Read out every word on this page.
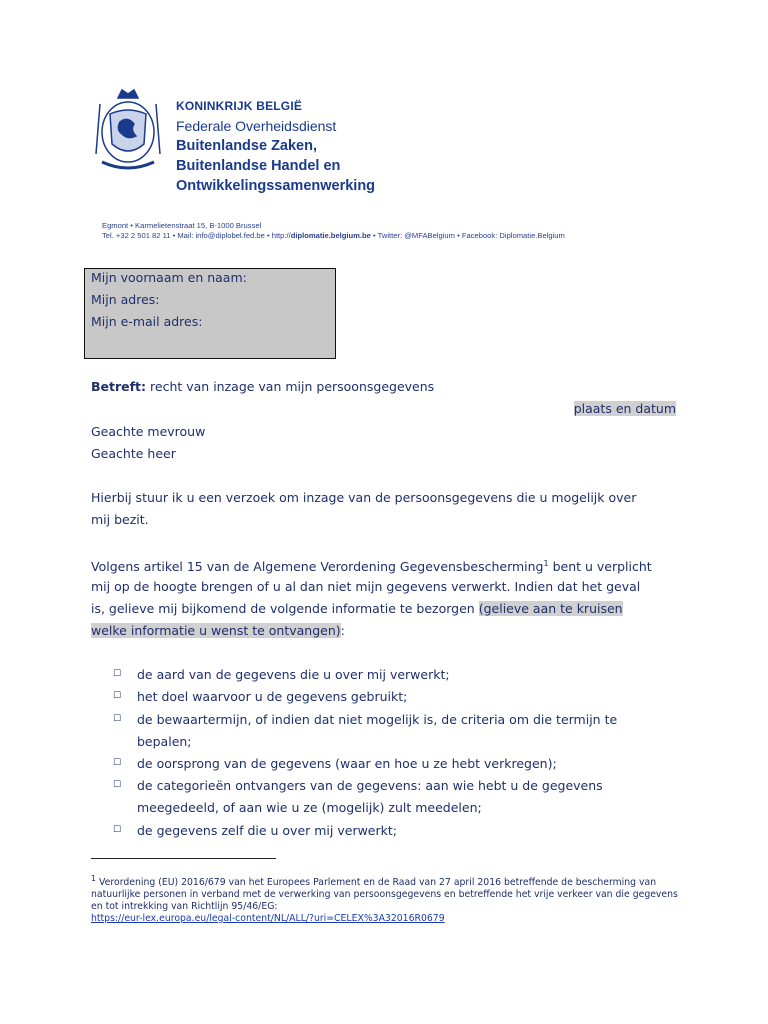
KONINKRIJK BELGIË
Federale Overheidsdienst
Buitenlandse Zaken,
Buitenlandse Handel en
Ontwikkelingssamenwerking
Egmont • Karmelietenstraat 15, B-1000 Brussel
Tel. +32 2 501 82 11 • Mail: info@diplobel.fed.be • http://diplomatie.belgium.be • Twitter: @MFABelgium • Facebook: Diplomatie.Belgium
Mijn voornaam en naam:
Mijn adres:
Mijn e-mail adres:
Betreft: recht van inzage van mijn persoonsgegevens
plaats en datum
Geachte mevrouw
Geachte heer
Hierbij stuur ik u een verzoek om inzage van de persoonsgegevens die u mogelijk over
mij bezit.
Volgens artikel 15 van de Algemene Verordening Gegevensbescherming$^1$ bent u verplicht
mij op de hoogte brengen of u al dan niet mijn gegevens verwerkt. Indien dat het geval
is, gelieve mij bijkomend de volgende informatie te bezorgen (gelieve aan te kruisen
welke informatie u wenst te ontvangen):
☐ de aard van de gegevens die u over mij verwerkt;
☐ het doel waarvoor u de gegevens gebruikt;
☐ de bewaartermijn, of indien dat niet mogelijk is, de criteria om die termijn te
bepalen;
☐ de oorsprong van de gegevens (waar en hoe u ze hebt verkregen);
☐ de categorieën ontvangers van de gegevens: aan wie hebt u de gegevens
meegedeeld, of aan wie u ze (mogelijk) zult meedelen;
☐ de gegevens zelf die u over mij verwerkt;
1 Verordening (EU) 2016/679 van het Europees Parlement en de Raad van 27 april 2016 betreffende de bescherming van natuurlijke personen in verband met de verwerking van persoonsgegevens en betreffende het vrije verkeer van die gegevens en tot intrekking van Richtlijn 95/46/EG:
https://eur-lex.europa.eu/legal-content/NL/ALL/?uri=CELEX%3A32016R0679
